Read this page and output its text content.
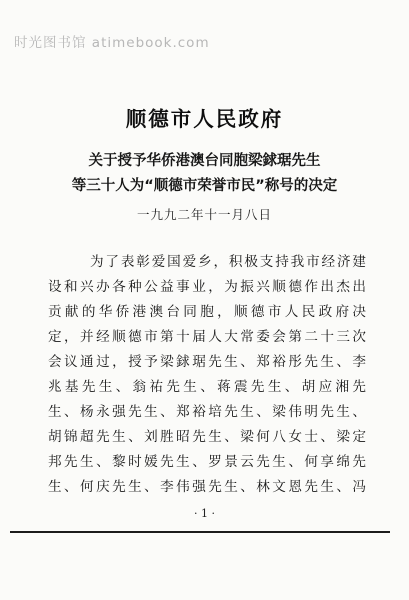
时光图书馆 atimebook.com
顺德市人民政府
关于授予华侨港澳台同胞梁銶琚先生
等三十人为“顺德市荣誉市民”称号的决定
一九九二年十一月八日
为了表彰爱国爱乡，积极支持我市经济建
设和兴办各种公益事业，为振兴顺德作出杰出
贡献的华侨港澳台同胞，顺德市人民政府决
定，并经顺德市第十届人大常委会第二十三次
会议通过，授予梁銶琚先生、郑裕彤先生、李
兆基先生、翁祐先生、蒋震先生、胡应湘先
生、杨永强先生、郑裕培先生、梁伟明先生、
胡锦超先生、刘胜昭先生、梁何八女士、梁定
邦先生、黎时媛先生、罗景云先生、何享绵先
生、何庆先生、李伟强先生、林文恩先生、冯
· 1 ·
